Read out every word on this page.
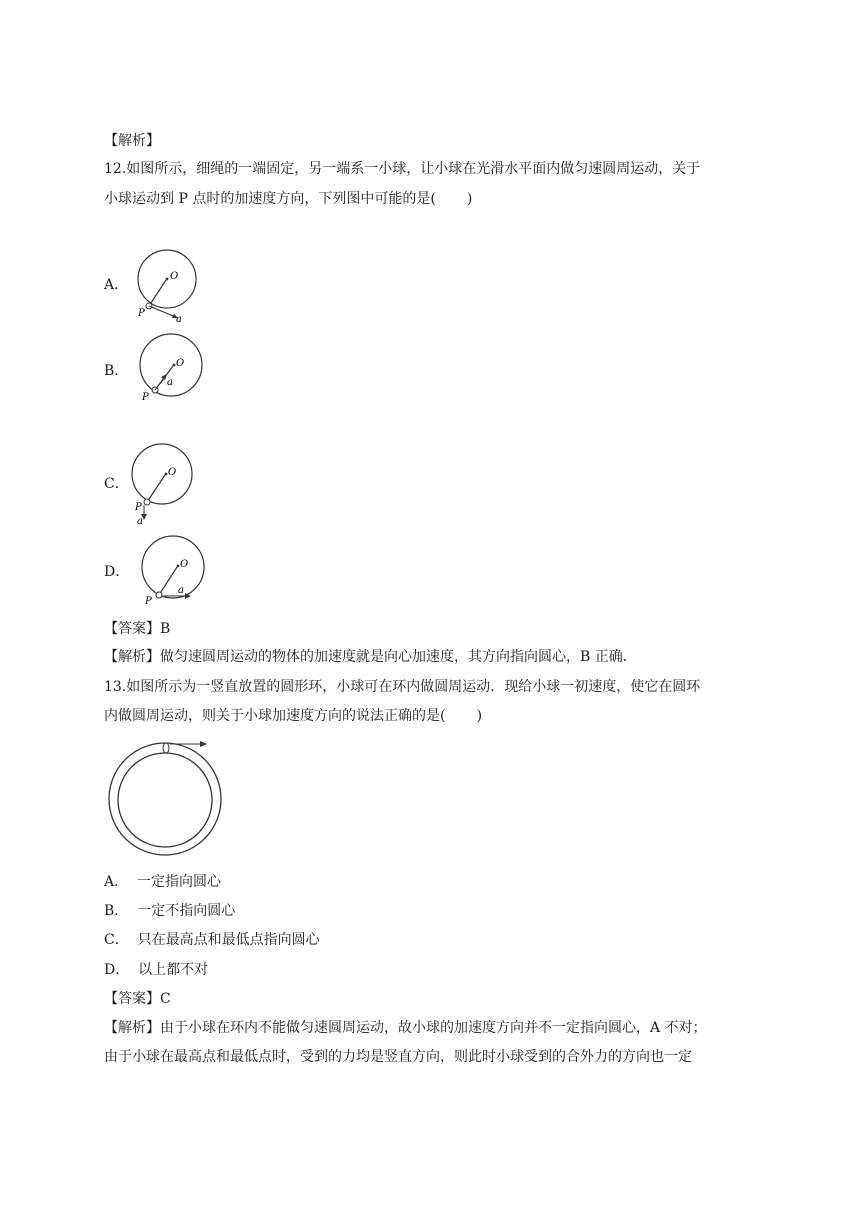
【解析】
12.如图所示，细绳的一端固定，另一端系一小球，让小球在光滑水平面内做匀速圆周运动，关于
小球运动到 P 点时的加速度方向，下列图中可能的是(       )
A．
O
P
a
B．	O
a
P
C．
O
P
a
D．	O
a
P
【答案】B
【解析】做匀速圆周运动的物体的加速度就是向心加速度，其方向指向圆心，B 正确．
13.如图所示为一竖直放置的圆形环，小球可在环内做圆周运动．现给小球一初速度，使它在圆环
内做圆周运动，则关于小球加速度方向的说法正确的是(       )
A．  一定指向圆心
B．  一定不指向圆心
C．  只在最高点和最低点指向圆心
D．  以上都不对
【答案】C
【解析】由于小球在环内不能做匀速圆周运动，故小球的加速度方向并不一定指向圆心，A 不对；
由于小球在最高点和最低点时，受到的力均是竖直方向，则此时小球受到的合外力的方向也一定
